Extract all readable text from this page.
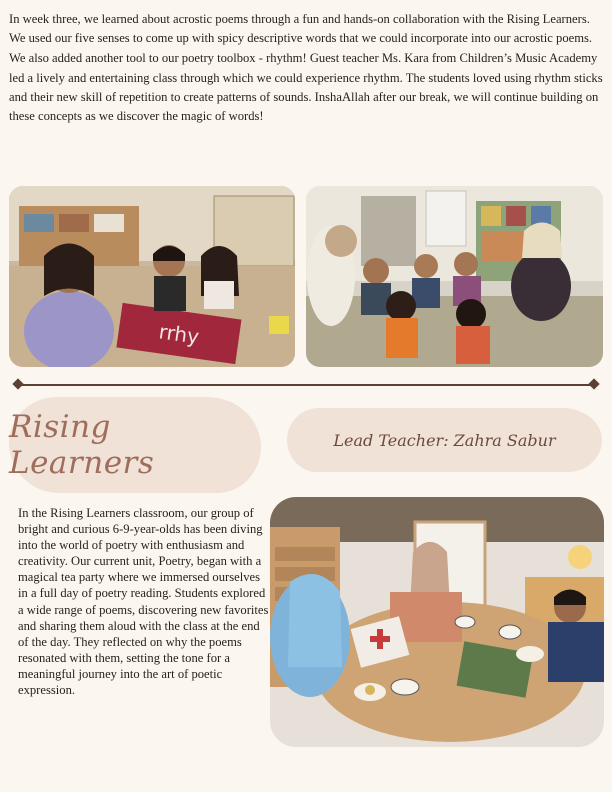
In week three, we learned about acrostic poems through a fun and hands-on collaboration with the Rising Learners. We used our five senses to come up with spicy descriptive words that we could incorporate into our acrostic poems.

We also added another tool to our poetry toolbox - rhythm! Guest teacher Ms. Kara from Children’s Music Academy led a lively and entertaining class through which we could experience rhythm. The students loved using rhythm sticks and their new skill of repetition to create patterns of sounds. InshaAllah after our break, we will continue building on these concepts as we discover the magic of words!

rrhy
Rising Learners
Lead Teacher: Zahra Sabur
In the Rising Learners classroom, our group of bright and curious 6-9-year-olds has been diving into the world of poetry with enthusiasm and creativity. Our current unit, Poetry, began with a magical tea party where we immersed ourselves in a full day of poetry reading. Students explored a wide range of poems, discovering new favorites and sharing them aloud with the class at the end of the day. They reflected on why the poems resonated with them, setting the tone for a meaningful journey into the art of poetic expression.
